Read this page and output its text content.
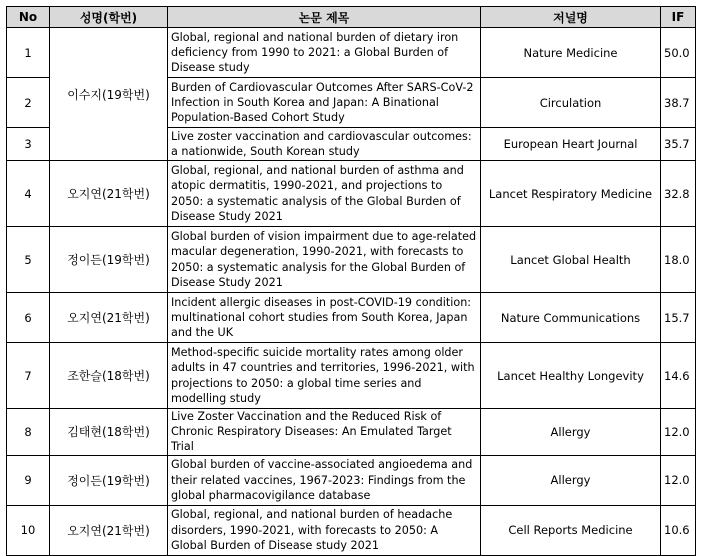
No	성명(학번)	논문 제목	저널명	IF
1	이수지(19학번)	Global, regional and national burden of dietary iron deficiency from 1990 to 2021: a Global Burden of Disease study	Nature Medicine	50.0
2		Burden of Cardiovascular Outcomes After SARS-CoV-2 Infection in South Korea and Japan: A Binational Population-Based Cohort Study	Circulation	38.7
3		Live zoster vaccination and cardiovascular outcomes: a nationwide, South Korean study	European Heart Journal	35.7
4	오지연(21학번)	Global, regional, and national burden of asthma and atopic dermatitis, 1990-2021, and projections to 2050: a systematic analysis of the Global Burden of Disease Study 2021	Lancet Respiratory Medicine	32.8
5	정이든(19학번)	Global burden of vision impairment due to age-related macular degeneration, 1990-2021, with forecasts to 2050: a systematic analysis for the Global Burden of Disease Study 2021	Lancet Global Health	18.0
6	오지연(21학번)	Incident allergic diseases in post-COVID-19 condition: multinational cohort studies from South Korea, Japan and the UK	Nature Communications	15.7
7	조한슬(18학번)	Method-specific suicide mortality rates among older adults in 47 countries and territories, 1996-2021, with projections to 2050: a global time series and modelling study	Lancet Healthy Longevity	14.6
8	김태현(18학번)	Live Zoster Vaccination and the Reduced Risk of Chronic Respiratory Diseases: An Emulated Target Trial	Allergy	12.0
9	정이든(19학번)	Global burden of vaccine-associated angioedema and their related vaccines, 1967-2023: Findings from the global pharmacovigilance database	Allergy	12.0
10	오지연(21학번)	Global, regional, and national burden of headache disorders, 1990-2021, with forecasts to 2050: A Global Burden of Disease study 2021	Cell Reports Medicine	10.6
